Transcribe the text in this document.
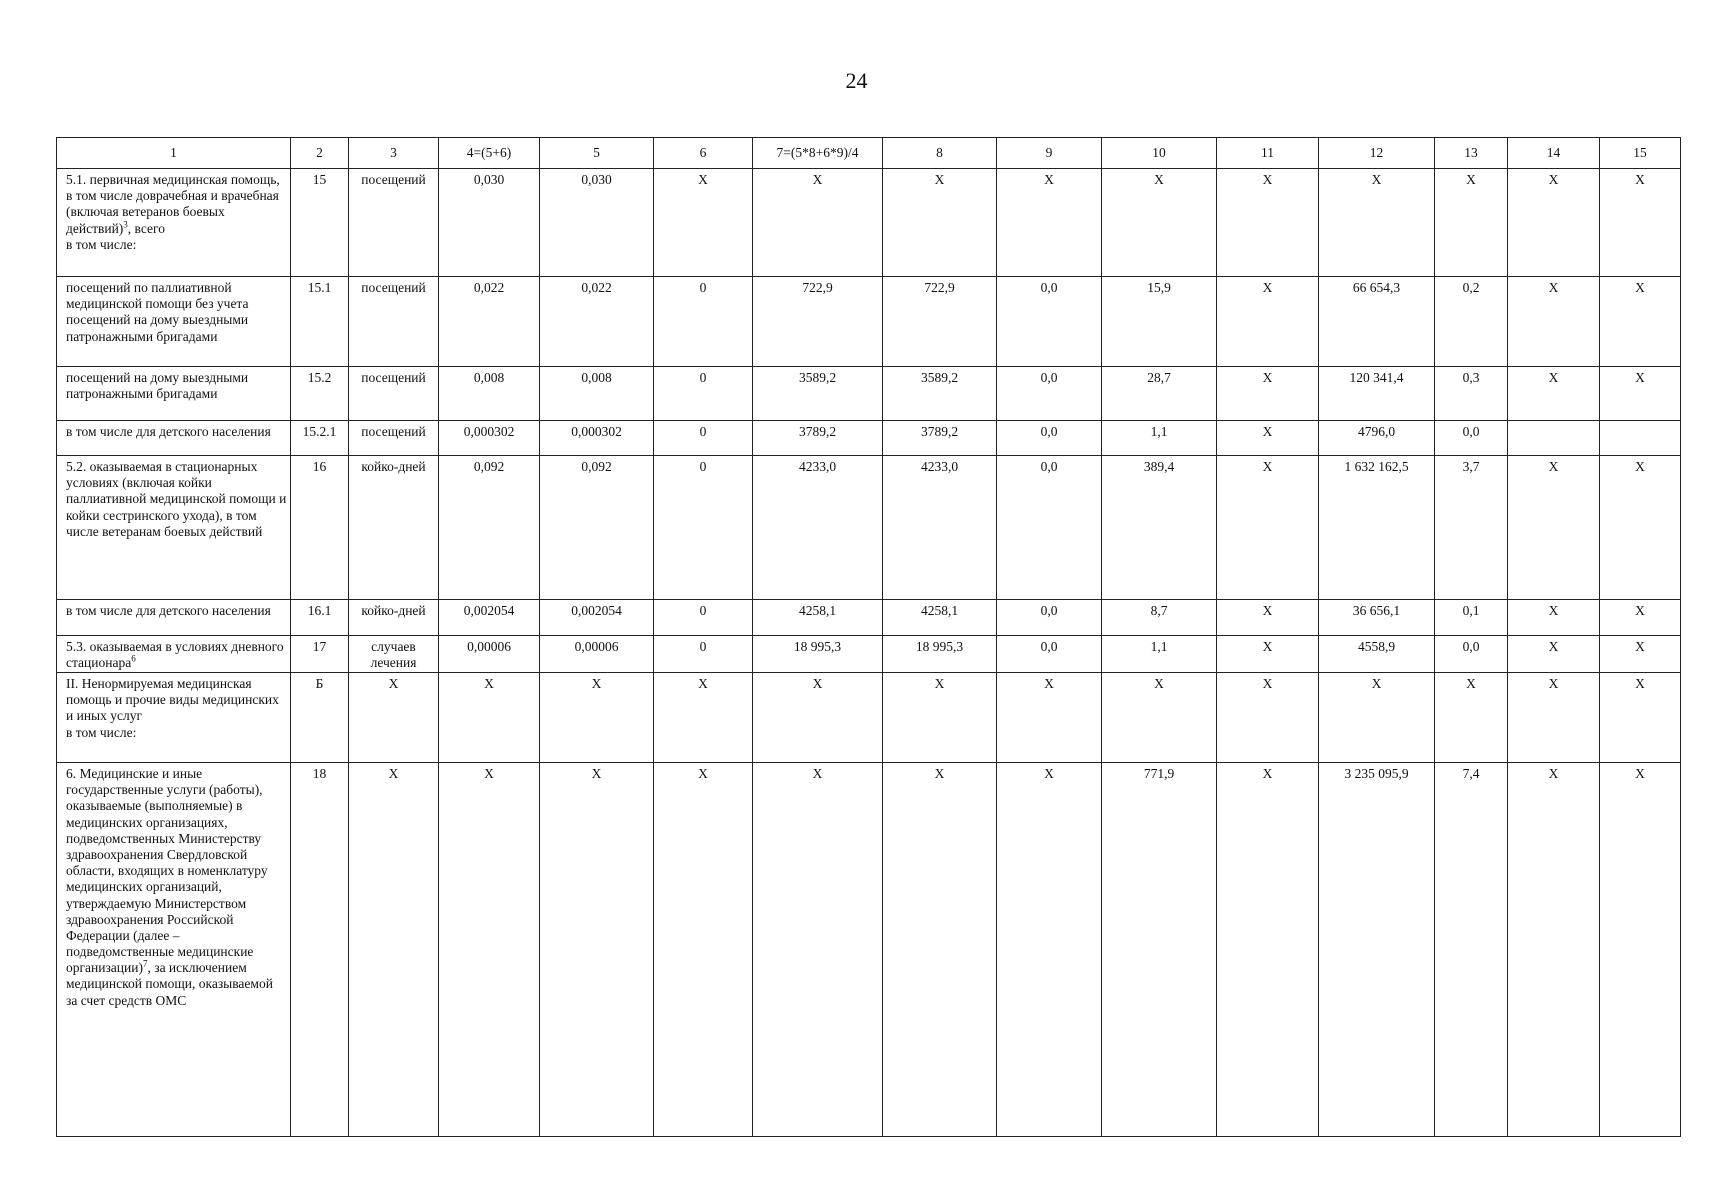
24
1	2	3	4=(5+6)	5	6	7=(5*8+6*9)/4	8	9	10	11	12	13	14	15
5.1. первичная медицинская помощь, в том числе доврачебная и врачебная (включая ветеранов боевых действий)$^3$, всего
в том числе:	15	посещений	0,030	0,030	X	X	X	X	X	X	X	X	X	X
посещений по паллиативной медицинской помощи без учета посещений на дому выездными патронажными бригадами	15.1	посещений	0,022	0,022	0	722,9	722,9	0,0	15,9	X	66 654,3	0,2	X	X
посещений на дому выездными патронажными бригадами	15.2	посещений	0,008	0,008	0	3589,2	3589,2	0,0	28,7	X	120 341,4	0,3	X	X
в том числе для детского населения	15.2.1	посещений	0,000302	0,000302	0	3789,2	3789,2	0,0	1,1	X	4796,0	0,0		
5.2. оказываемая в стационарных условиях (включая койки паллиативной медицинской помощи и койки сестринского ухода), в том числе ветеранам боевых действий	16	койко-дней	0,092	0,092	0	4233,0	4233,0	0,0	389,4	X	1 632 162,5	3,7	X	X
в том числе для детского населения	16.1	койко-дней	0,002054	0,002054	0	4258,1	4258,1	0,0	8,7	X	36 656,1	0,1	X	X
5.3. оказываемая в условиях дневного стационара$^6$	17	случаев лечения	0,00006	0,00006	0	18 995,3	18 995,3	0,0	1,1	X	4558,9	0,0	X	X
II. Ненормируемая медицинская помощь и прочие виды медицинских и иных услуг
в том числе:	Б	X	X	X	X	X	X	X	X	X	X	X	X	X
6. Медицинские и иные государственные услуги (работы), оказываемые (выполняемые) в медицинских организациях, подведомственных Министерству здравоохранения Свердловской области, входящих в номенклатуру медицинских организаций, утверждаемую Министерством здравоохранения Российской Федерации (далее – подведомственные медицинские организации)$^7$, за исключением медицинской помощи, оказываемой за счет средств ОМС	18	X	X	X	X	X	X	X	771,9	X	3 235 095,9	7,4	X	X
